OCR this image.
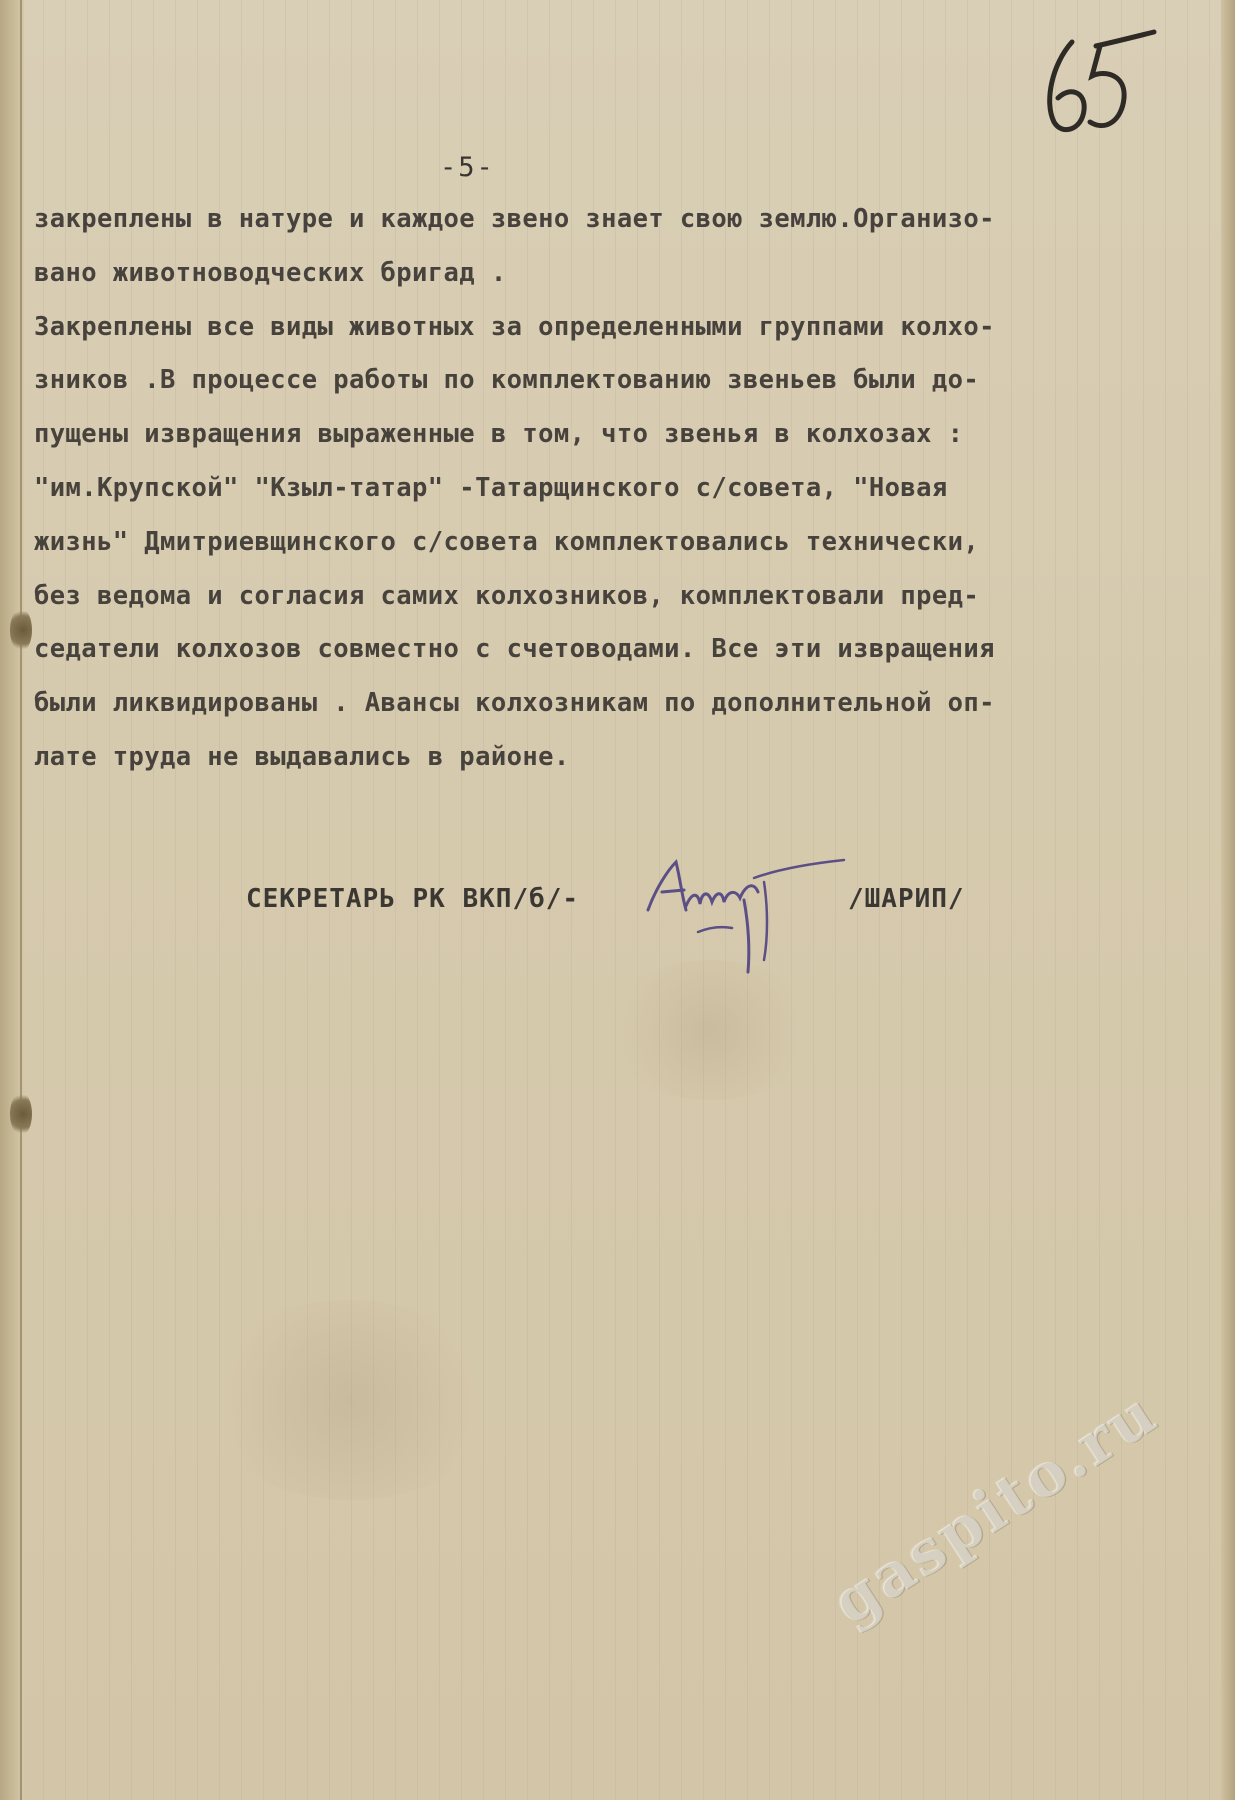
-5-
закреплены в натуре и каждое звено знает свою землю.Организо-
вано животноводческих бригад .
Закреплены все виды животных за определенными группами колхо-
зников .В процессе работы по комплектованию звеньев были до-
пущены извращения выраженные в том, что звенья в колхозах :
"им.Крупской" "Кзыл-татар" -Татарщинского с/совета, "Новая
жизнь" Дмитриевщинского с/совета комплектовались технически,
без ведома и согласия самих колхозников, комплектовали пред-
седатели колхозов совместно с счетоводами. Все эти извращения
были ликвидированы . Авансы колхозникам по дополнительной оп-
лате труда не выдавались в районе.
СЕКРЕТАРЬ РК ВКП/б/-	/ШАРИП/
gaspito.ru
